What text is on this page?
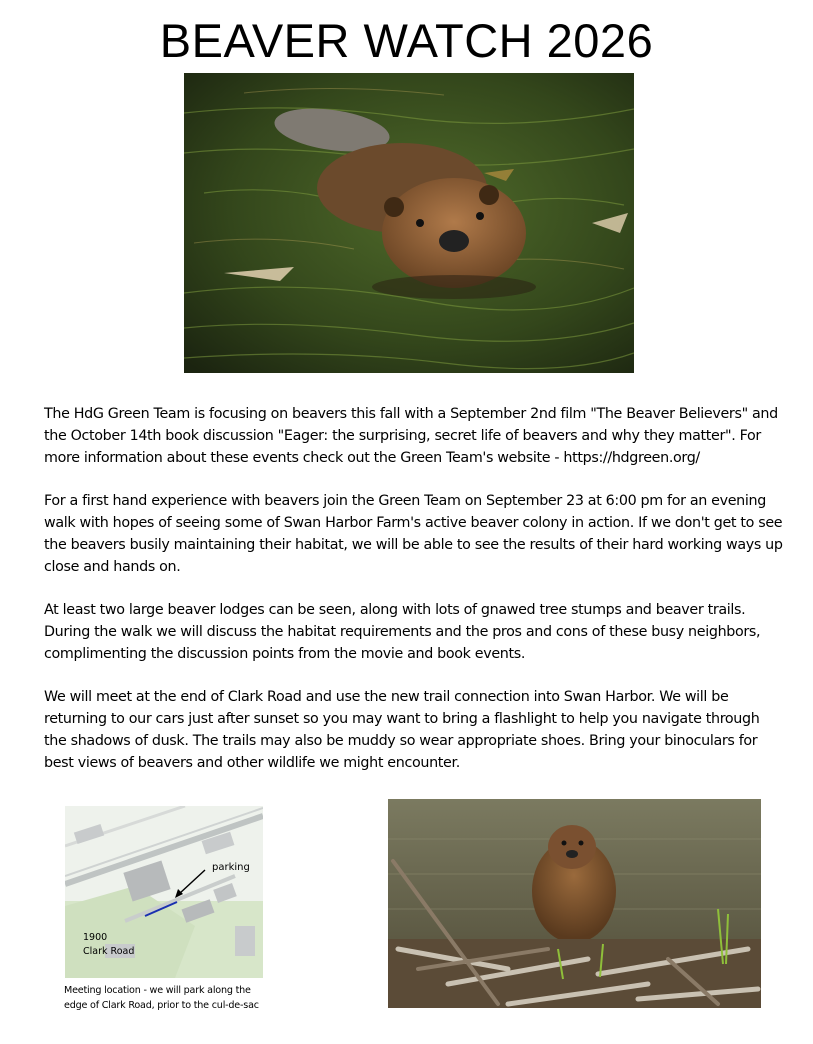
BEAVER WATCH 2026

The HdG Green Team is focusing on beavers this fall with a September 2nd film "The Beaver Believers" and the October 14th book discussion "Eager: the surprising, secret life of beavers and why they matter". For more information about these events check out the Green Team's website - https://hdgreen.org/

For a first hand experience with beavers join the Green Team on September 23 at 6:00 pm for an evening walk with hopes of seeing some of Swan Harbor Farm's active beaver colony in action. If we don't get to see the beavers busily maintaining their habitat, we will be able to see the results of their hard working ways up close and hands on.

At least two large beaver lodges can be seen, along with lots of gnawed tree stumps and beaver trails. During the walk we will discuss the habitat requirements and the pros and cons of these busy neighbors, complimenting the discussion points from the movie and book events.

We will meet at the end of Clark Road and use the new trail connection into Swan Harbor. We will be returning to our cars just after sunset so you may want to bring a flashlight to help you navigate through the shadows of dusk. The trails may also be muddy so wear appropriate shoes. Bring your binoculars for best views of beavers and other wildlife we might encounter.

parking
1900
Clark Road
Meeting location - we will park along the
edge of Clark Road, prior to the cul-de-sac
